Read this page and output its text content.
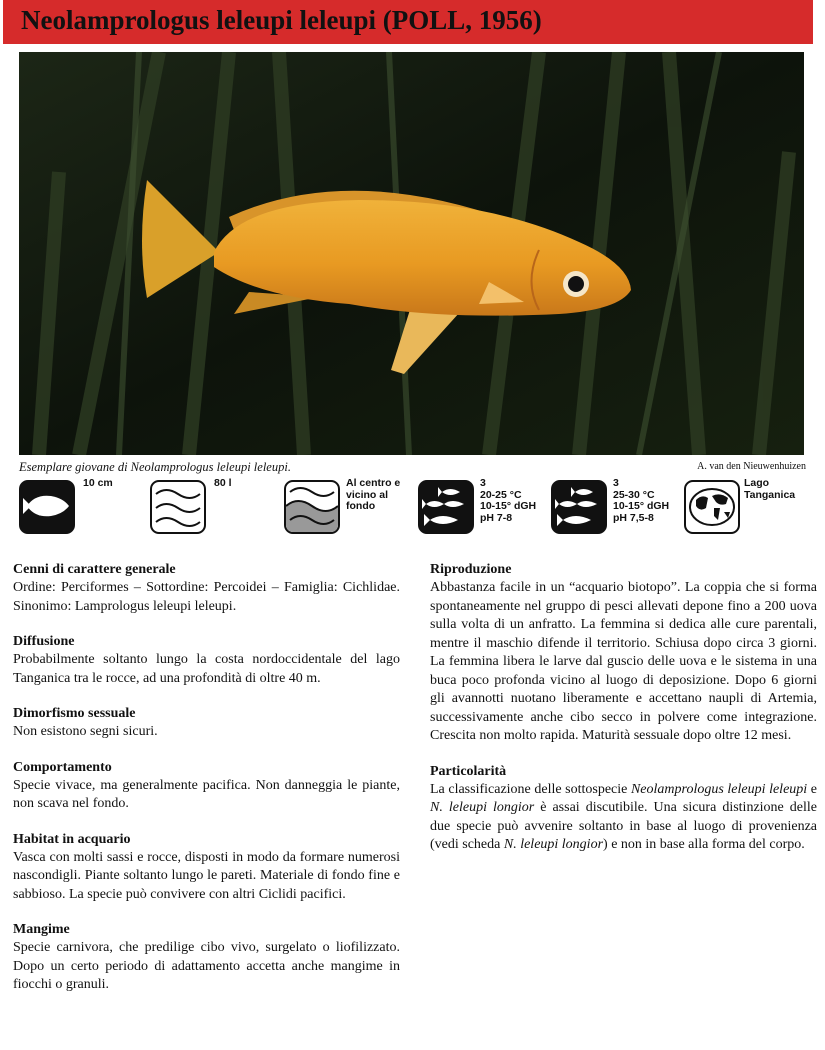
Neolamprologus leleupi leleupi (POLL, 1956)
Esemplare giovane di Neolamprologus leleupi leleupi.	A. van den Nieuwenhuizen
10 cm	80 l	Al centro e
vicino al
fondo
3
20-25 °C
10-15° dGH
pH 7-8
3
25-30 °C
10-15° dGH
pH 7,5-8
Lago
Tanganica
Cenni di carattere generale

Ordine: Perciformes – Sottordine: Percoidei – Famiglia: Cichlidae. Sinonimo: Lamprologus leleupi leleupi.

Diffusione

Probabilmente soltanto lungo la costa nordoccidentale del lago Tanganica tra le rocce, ad una profondità di oltre 40 m.

Dimorfismo sessuale

Non esistono segni sicuri.

Comportamento

Specie vivace, ma generalmente pacifica. Non danneggia le piante, non scava nel fondo.

Habitat in acquario

Vasca con molti sassi e rocce, disposti in modo da formare numerosi nascondigli. Piante soltanto lungo le pareti. Materiale di fondo fine e sabbioso. La specie può convivere con altri Ciclidi pacifici.

Mangime

Specie carnivora, che predilige cibo vivo, surgelato o liofilizzato. Dopo un certo periodo di adattamento accetta anche mangime in fiocchi o granuli.

Riproduzione

Abbastanza facile in un “acquario biotopo”. La coppia che si forma spontaneamente nel gruppo di pesci allevati depone fino a 200 uova sulla volta di un anfratto. La femmina si dedica alle cure parentali, mentre il maschio difende il territorio. Schiusa dopo circa 3 giorni. La femmina libera le larve dal guscio delle uova e le sistema in una buca poco profonda vicino al luogo di deposizione. Dopo 6 giorni gli avannotti nuotano liberamente e accettano naupli di Artemia, successivamente anche cibo secco in polvere come integrazione. Crescita non molto rapida. Maturità sessuale dopo oltre 12 mesi.

Particolarità

La classificazione delle sottospecie Neolamprologus leleupi leleupi e N. leleupi longior è assai discutibile. Una sicura distinzione delle due specie può avvenire soltanto in base al luogo di provenienza (vedi scheda N. leleupi longior) e non in base alla forma del corpo.
